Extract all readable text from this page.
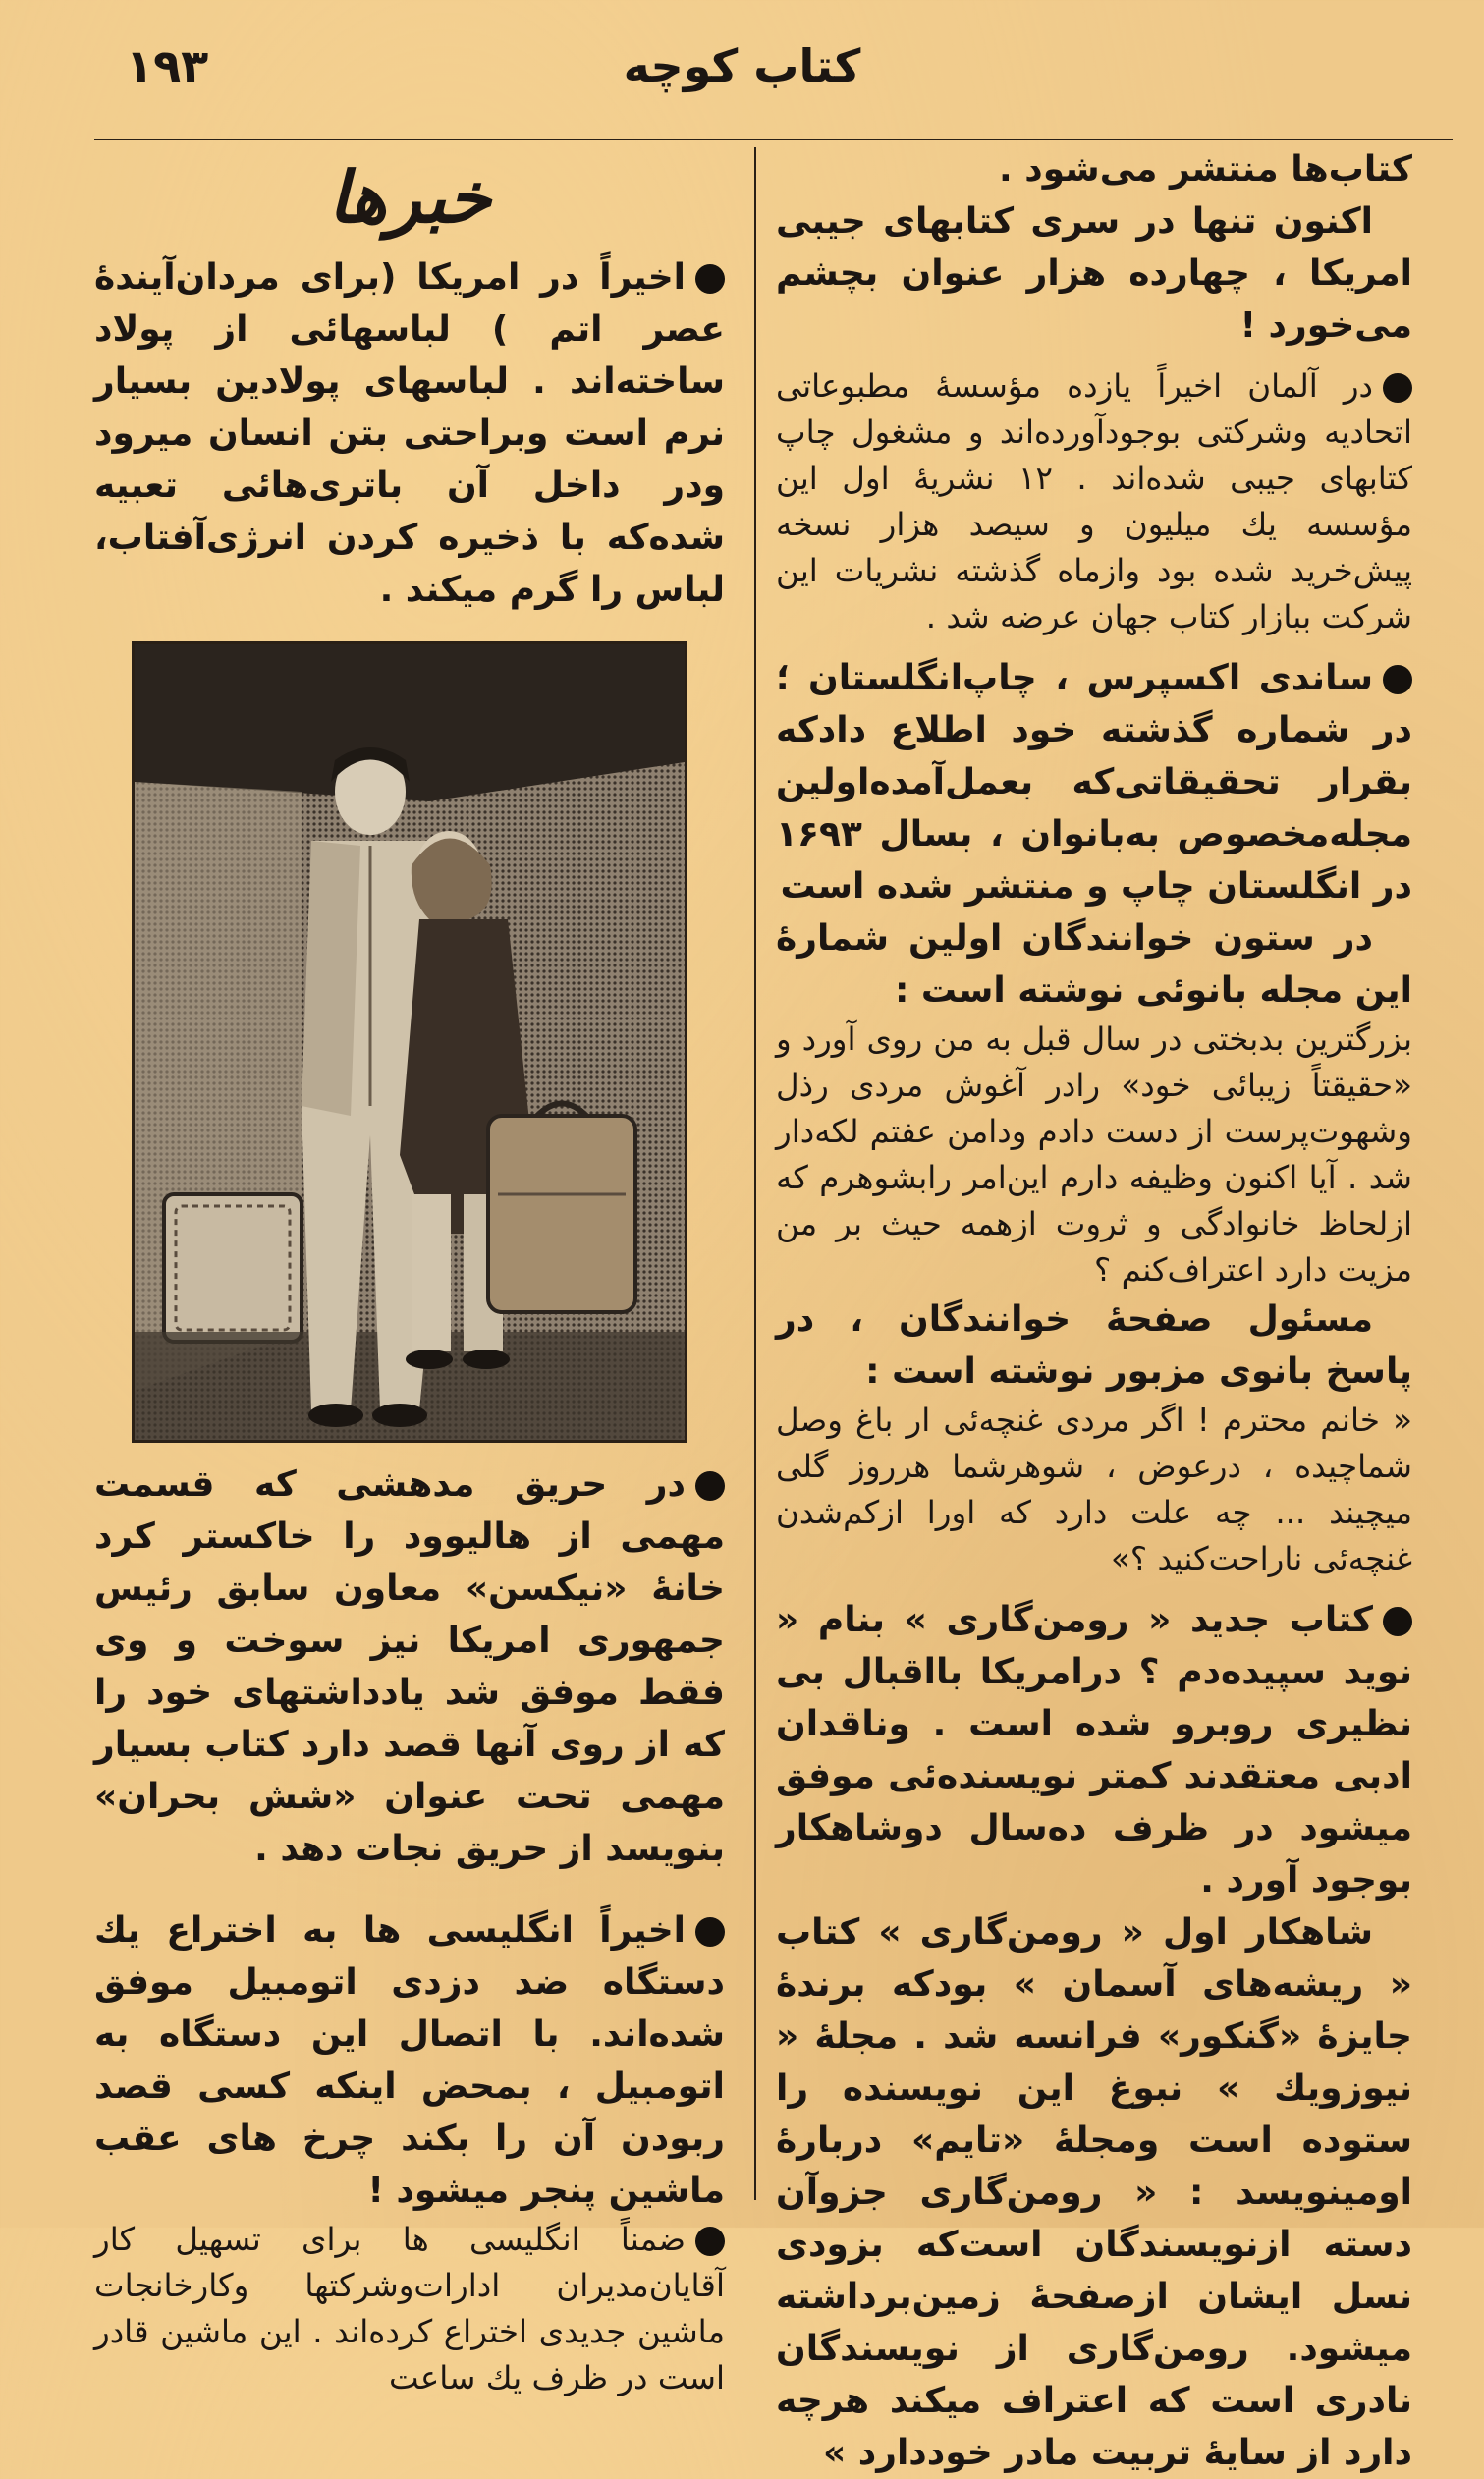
۱۹۳	کتاب کوچه

کتاب‌ها منتشر می‌شود .

اکنون تنها در سری کتابهای جیبی امریکا ، چهارده هزار عنوان بچشم می‌خورد !

در آلمان اخیراً یازده مؤسسهٔ مطبوعاتی اتحادیه وشرکتی بوجودآورده‌اند و مشغول چاپ کتابهای جیبی شده‌اند . ۱۲ نشریهٔ اول این مؤسسه یك میلیون و سیصد هزار نسخه پیش‌خرید شده بود وازماه گذشته نشریات این شرکت ببازار کتاب جهان عرضه شد .

ساندی اکسپرس ، چاپ‌انگلستان ؛ در شماره گذشته خود اطلاع دادکه بقرار تحقیقاتی‌که بعمل‌آمده‌اولین مجله‌مخصوص به‌بانوان ، بسال ۱۶۹۳ در انگلستان چاپ و منتشر شده است

در ستون خوانندگان اولین شمارهٔ این مجله بانوئی نوشته است :

بزرگترین بدبختی در سال قبل به من روی آورد و «حقیقتاً زیبائی خود» رادر آغوش مردی رذل وشهوت‌پرست از دست دادم ودامن عفتم لکه‌دار شد . آیا اکنون وظیفه دارم این‌امر رابشوهرم که ازلحاظ خانوادگی و ثروت ازهمه حیث بر من مزیت دارد اعتراف‌کنم ؟

مسئول صفحهٔ خوانندگان ، در پاسخ بانوی مزبور نوشته است :

« خانم محترم ! اگر مردی غنچه‌ئی ار باغ وصل شماچیده ، درعوض ، شوهرشما هرروز گلی میچیند ... چه علت دارد که اورا ازکم‌شدن غنچه‌ئی ناراحت‌کنید ؟»

کتاب جدید « رومن‌گاری » بنام « نوید سپیده‌دم ؟ درامریکا بااقبال بی نظیری روبرو شده است . وناقدان ادبی معتقدند کمتر نویسنده‌ئی موفق میشود در ظرف ده‌سال دوشاهکار بوجود آورد .

شاهکار اول « رومن‌گاری » کتاب « ریشه‌های آسمان » بودکه برندهٔ جایزهٔ «گنکور» فرانسه شد . مجلهٔ « نیوزویك » نبوغ این نویسنده را ستوده است ومجلهٔ «تایم» دربارهٔ اومینویسد : « رومن‌گاری جزوآن دسته ازنویسندگان است‌که بزودی نسل ایشان ازصفحهٔ زمین‌برداشته میشود. رومن‌گاری از نویسندگان نادری است که اعتراف میکند هرچه دارد از سایهٔ تربیت مادر خوددارد »

خبرها

اخیراً در امریکا (برای مردان‌آیندهٔ عصر اتم ) لباسهائی از پولاد ساخته‌اند . لباسهای پولادین بسیار نرم است وبراحتی بتن انسان میرود ودر داخل آن باتری‌هائی تعبیه شده‌که با ذخیره کردن انرژی‌آفتاب، لباس را گرم میکند .

در حریق مدهشی که قسمت مهمی از هالیوود را خاکستر کرد خانهٔ «نیکسن» معاون سابق رئیس جمهوری امریکا نیز سوخت و وی فقط موفق شد یادداشتهای خود را که از روی آنها قصد دارد کتاب بسیار مهمی تحت عنوان «شش بحران» بنویسد از حریق نجات دهد .

اخیراً انگلیسی ها به اختراع یك دستگاه ضد دزدی اتومبیل موفق شده‌اند. با اتصال این دستگاه به اتومبیل ، بمحض اینکه کسی قصد ربودن آن را بکند چرخ های عقب ماشین پنجر میشود !

ضمناً انگلیسی ها برای تسهیل کار آقایان‌مدیران ادارات‌وشرکتها وکارخانجات ماشین جدیدی اختراع کرده‌اند . این ماشین قادر است در ظرف یك ساعت
